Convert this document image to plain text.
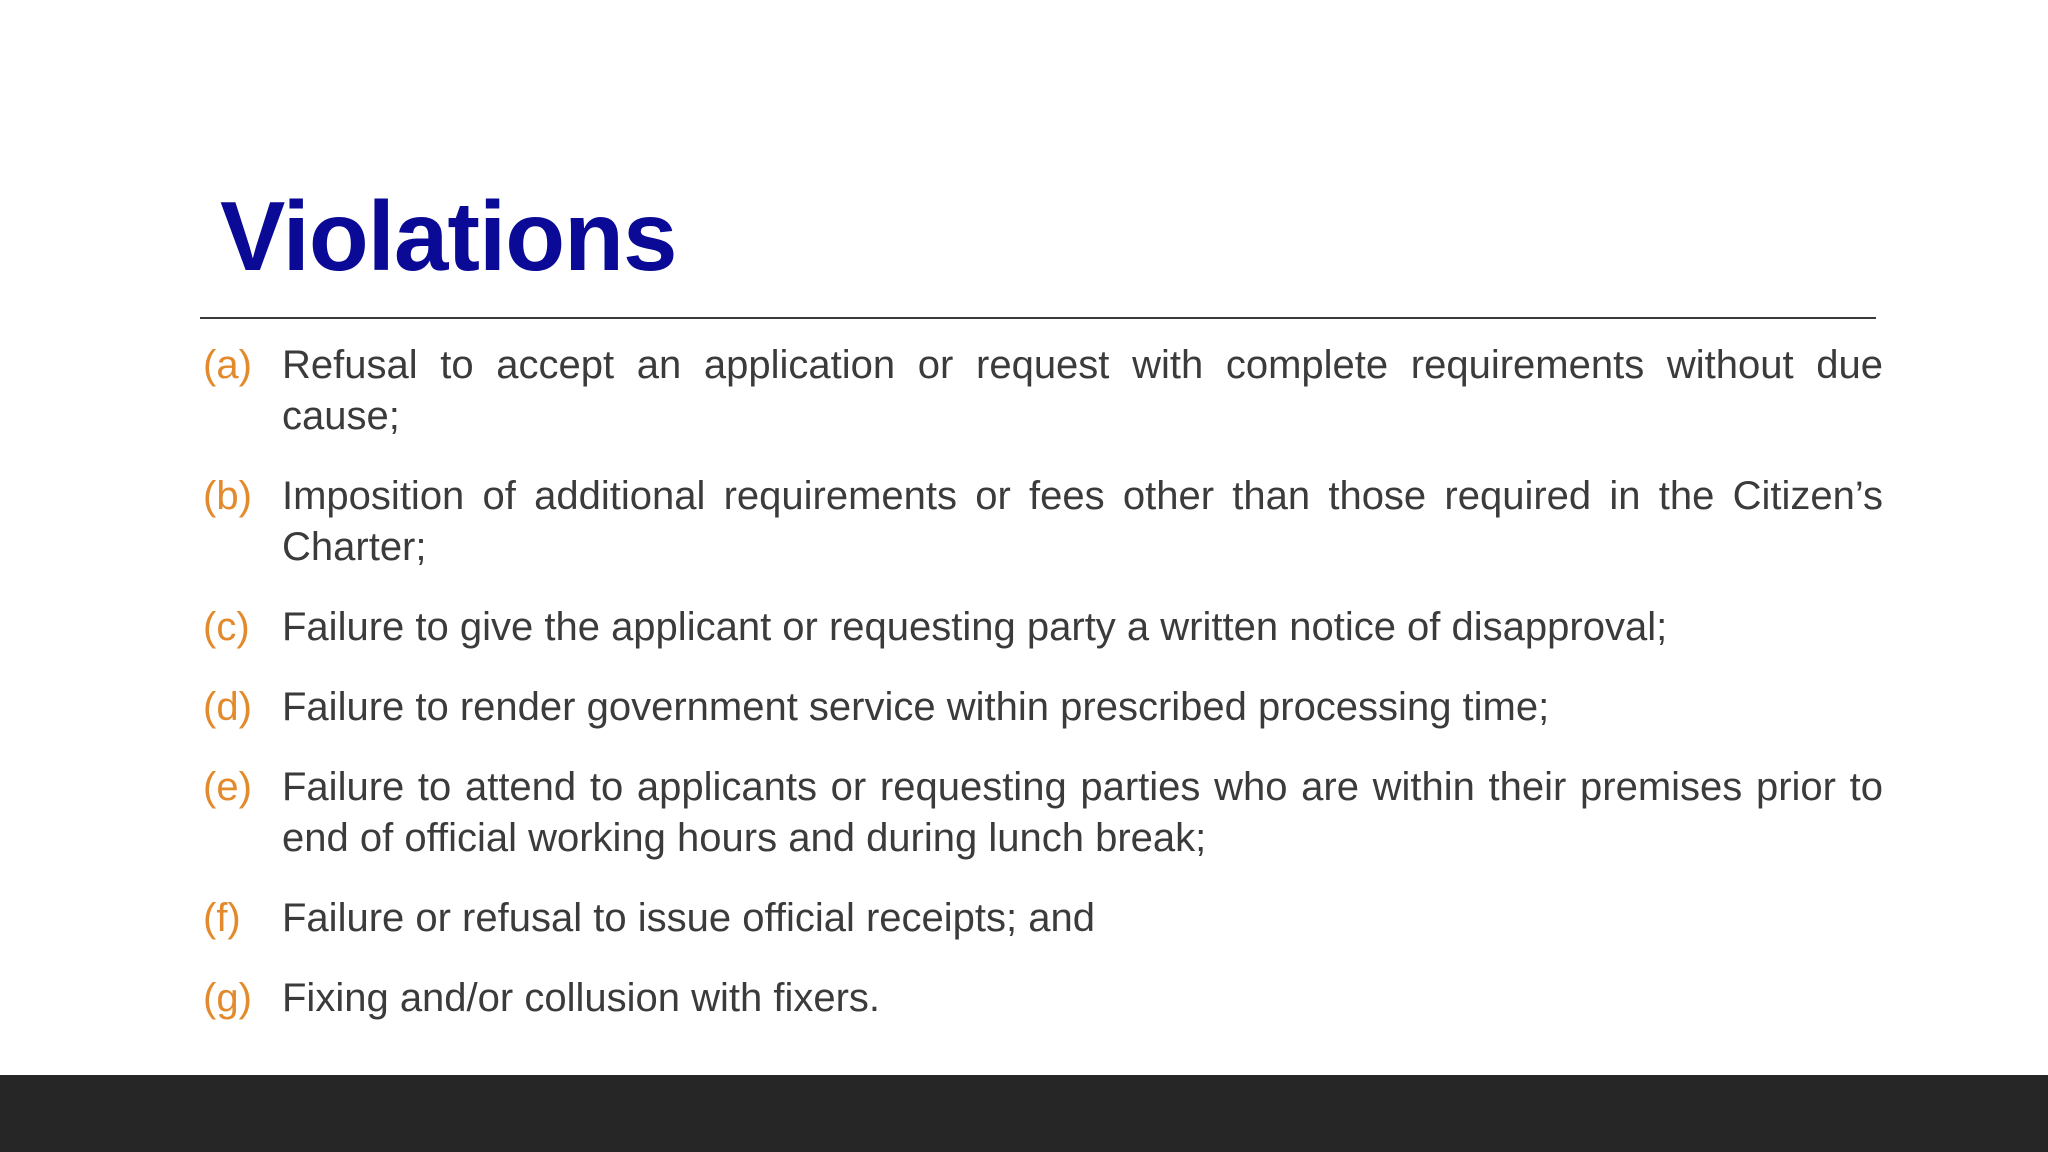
Violations
(a) Refusal to accept an application or request with complete requirements without due cause;
(b) Imposition of additional requirements or fees other than those required in the Citizen’s Charter;
(c) Failure to give the applicant or requesting party a written notice of disapproval;
(d) Failure to render government service within prescribed processing time;
(e) Failure to attend to applicants or requesting parties who are within their premises prior to end of official working hours and during lunch break;
(f) Failure or refusal to issue official receipts; and
(g) Fixing and/or collusion with fixers.
